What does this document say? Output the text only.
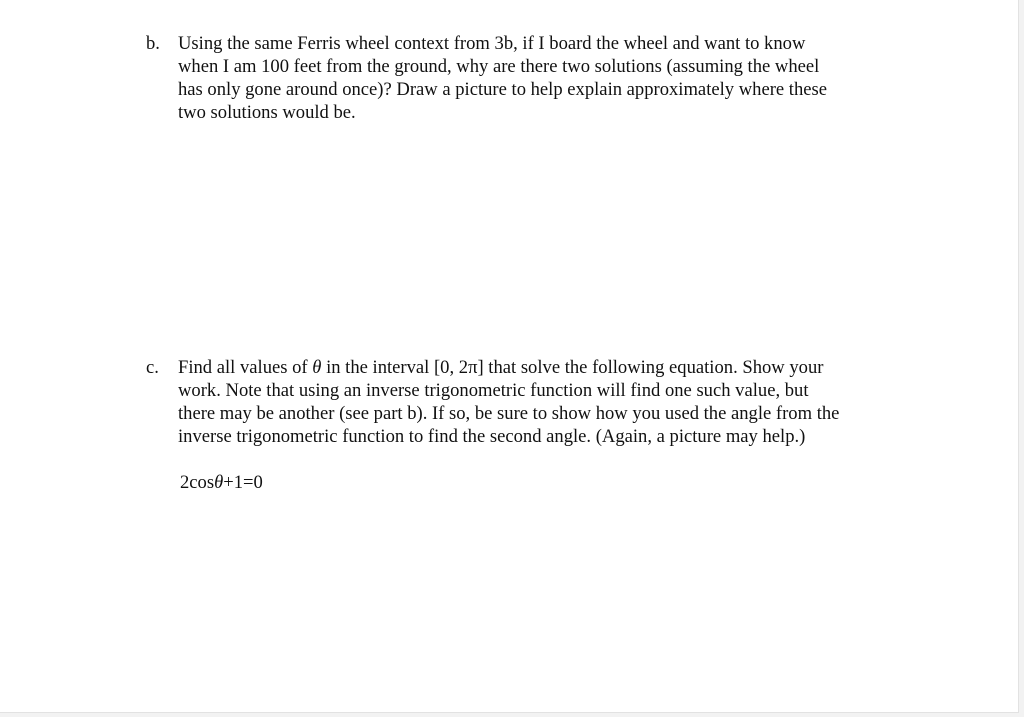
b. Using the same Ferris wheel context from 3b, if I board the wheel and want to know
when I am 100 feet from the ground, why are there two solutions (assuming the wheel
has only gone around once)? Draw a picture to help explain approximately where these
two solutions would be.
c. Find all values of θ in the interval [0, 2π] that solve the following equation. Show your
work. Note that using an inverse trigonometric function will find one such value, but
there may be another (see part b). If so, be sure to show how you used the angle from the
inverse trigonometric function to find the second angle. (Again, a picture may help.)
2cosθ+1=0
